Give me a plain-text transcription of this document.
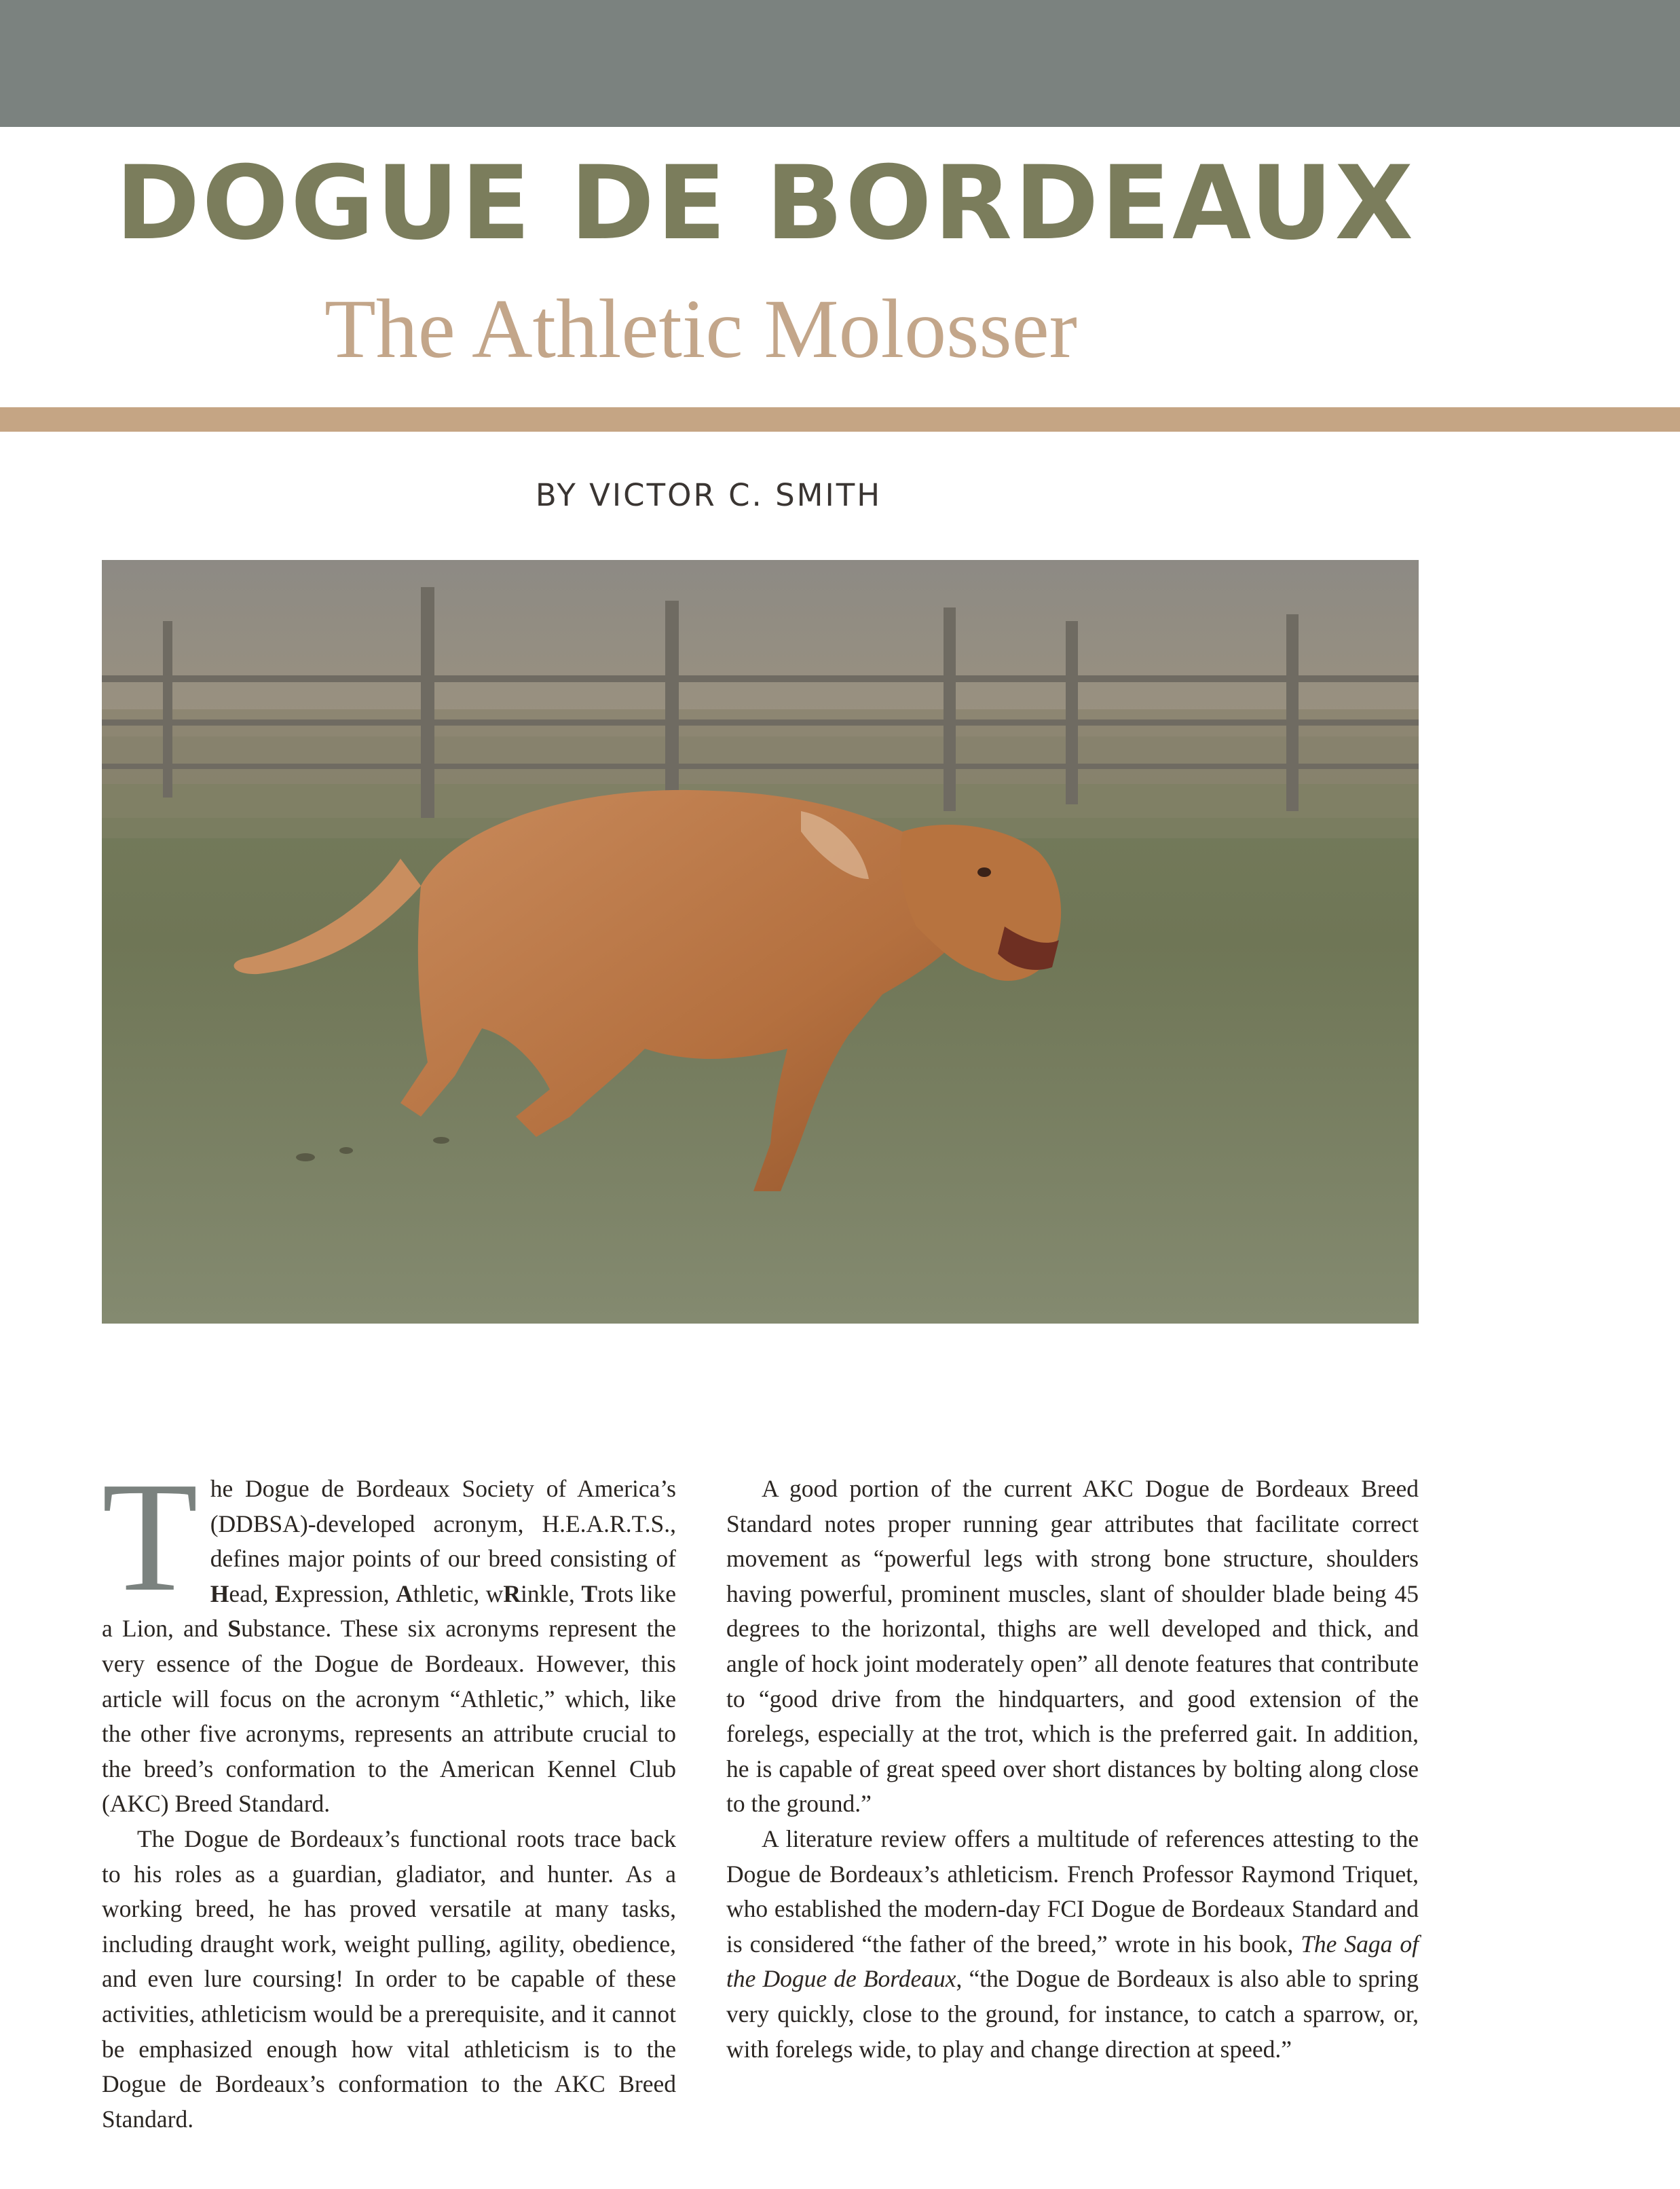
DOGUE DE BORDEAUX
The Athletic Molosser
BY VICTOR C. SMITH

The Dogue de Bordeaux Society of America’s (DDBSA)-developed acronym, H.E.A.R.T.S., defines major points of our breed consisting of Head, Expression, Athletic, wRinkle, Trots like a Lion, and Substance. These six acronyms represent the very essence of the Dogue de Bordeaux. However, this article will focus on the acronym “Athletic,” which, like the other five acronyms, represents an attribute crucial to the breed’s conformation to the American Kennel Club (AKC) Breed Standard.

The Dogue de Bordeaux’s functional roots trace back to his roles as a guardian, gladiator, and hunter. As a working breed, he has proved versatile at many tasks, including draught work, weight pulling, agility, obedience, and even lure coursing! In order to be capable of these activities, athleticism would be a prerequisite, and it cannot be emphasized enough how vital athleticism is to the Dogue de Bordeaux’s conformation to the AKC Breed Standard.

A good portion of the current AKC Dogue de Bordeaux Breed Standard notes proper running gear attributes that facilitate correct movement as “powerful legs with strong bone structure, shoulders having powerful, prominent muscles, slant of shoulder blade being 45 degrees to the horizontal, thighs are well developed and thick, and angle of hock joint moderately open” all denote features that contribute to “good drive from the hindquarters, and good extension of the forelegs, especially at the trot, which is the preferred gait. In addition, he is capable of great speed over short distances by bolting along close to the ground.”

A literature review offers a multitude of references attesting to the Dogue de Bordeaux’s athleticism. French Professor Raymond Triquet, who established the modern-day FCI Dogue de Bordeaux Standard and is considered “the father of the breed,” wrote in his book, The Saga of the Dogue de Bordeaux, “the Dogue de Bordeaux is also able to spring very quickly, close to the ground, for instance, to catch a sparrow, or, with forelegs wide, to play and change direction at speed.”
